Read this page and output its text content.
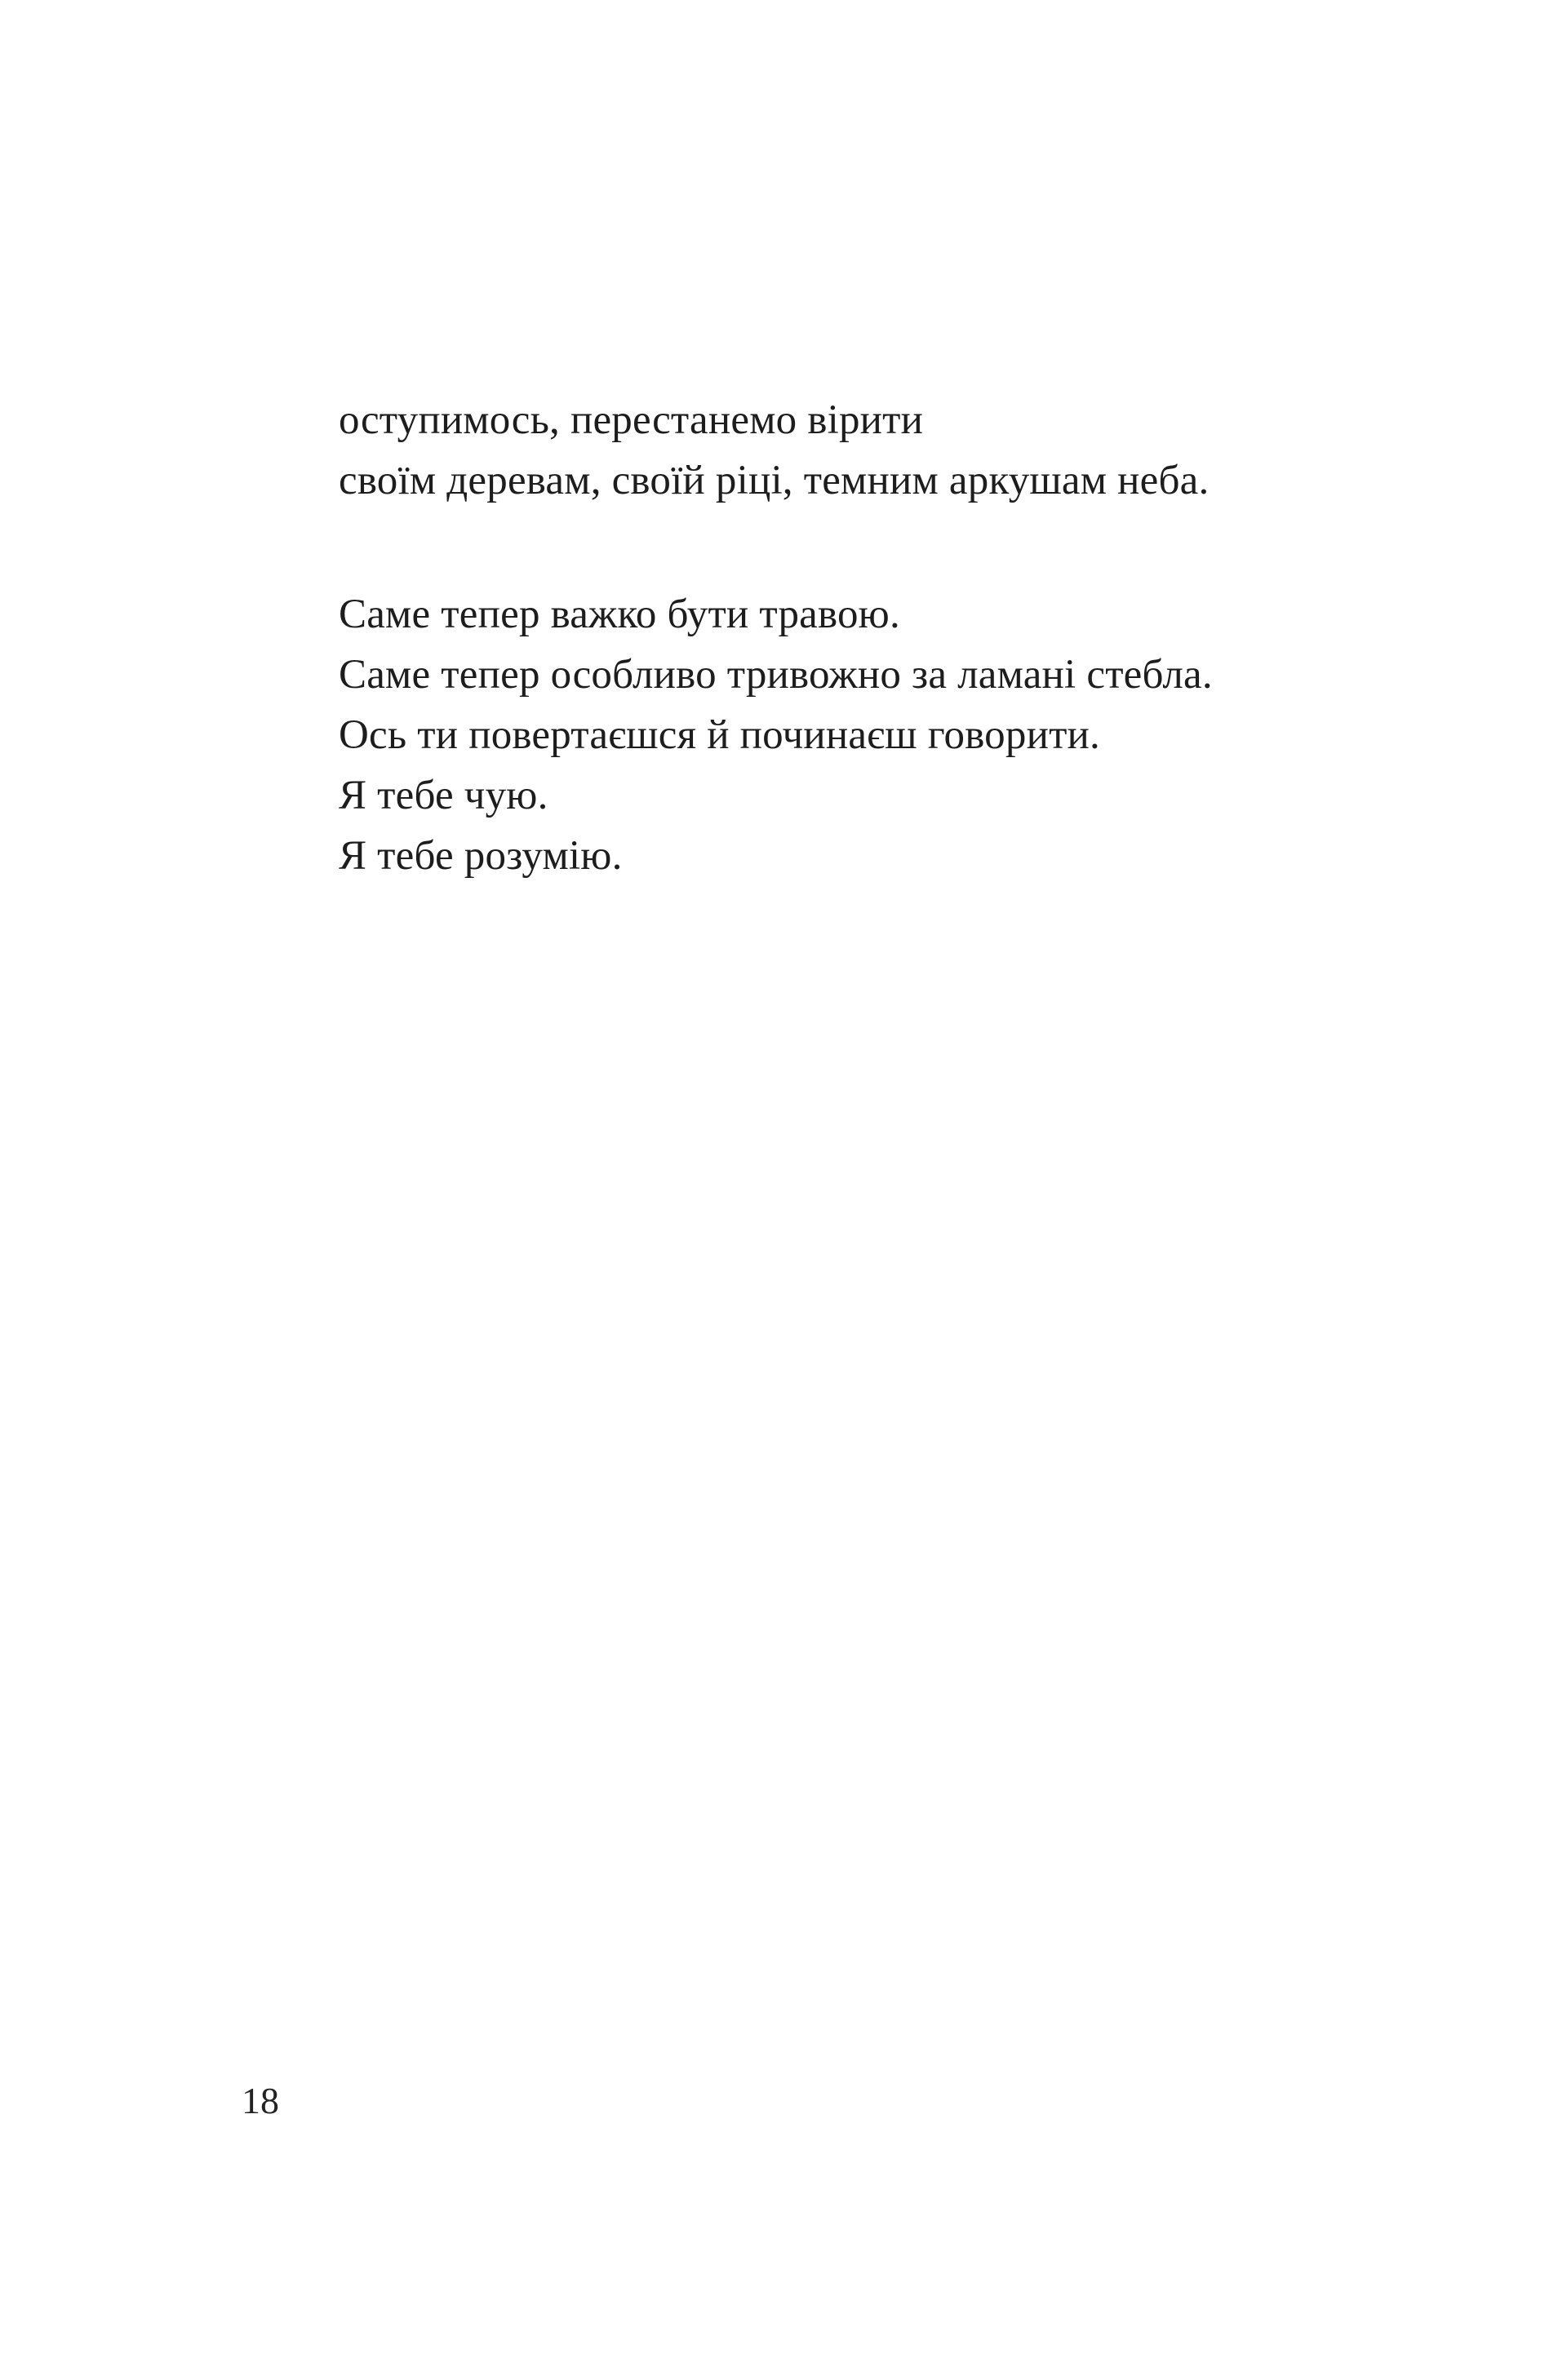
оступимось, перестанемо вірити
своїм деревам, своїй ріці, темним аркушам неба.
Саме тепер важко бути травою.
Саме тепер особливо тривожно за ламані стебла.
Ось ти повертаєшся й починаєш говорити.
Я тебе чую.
Я тебе розумію.
18
